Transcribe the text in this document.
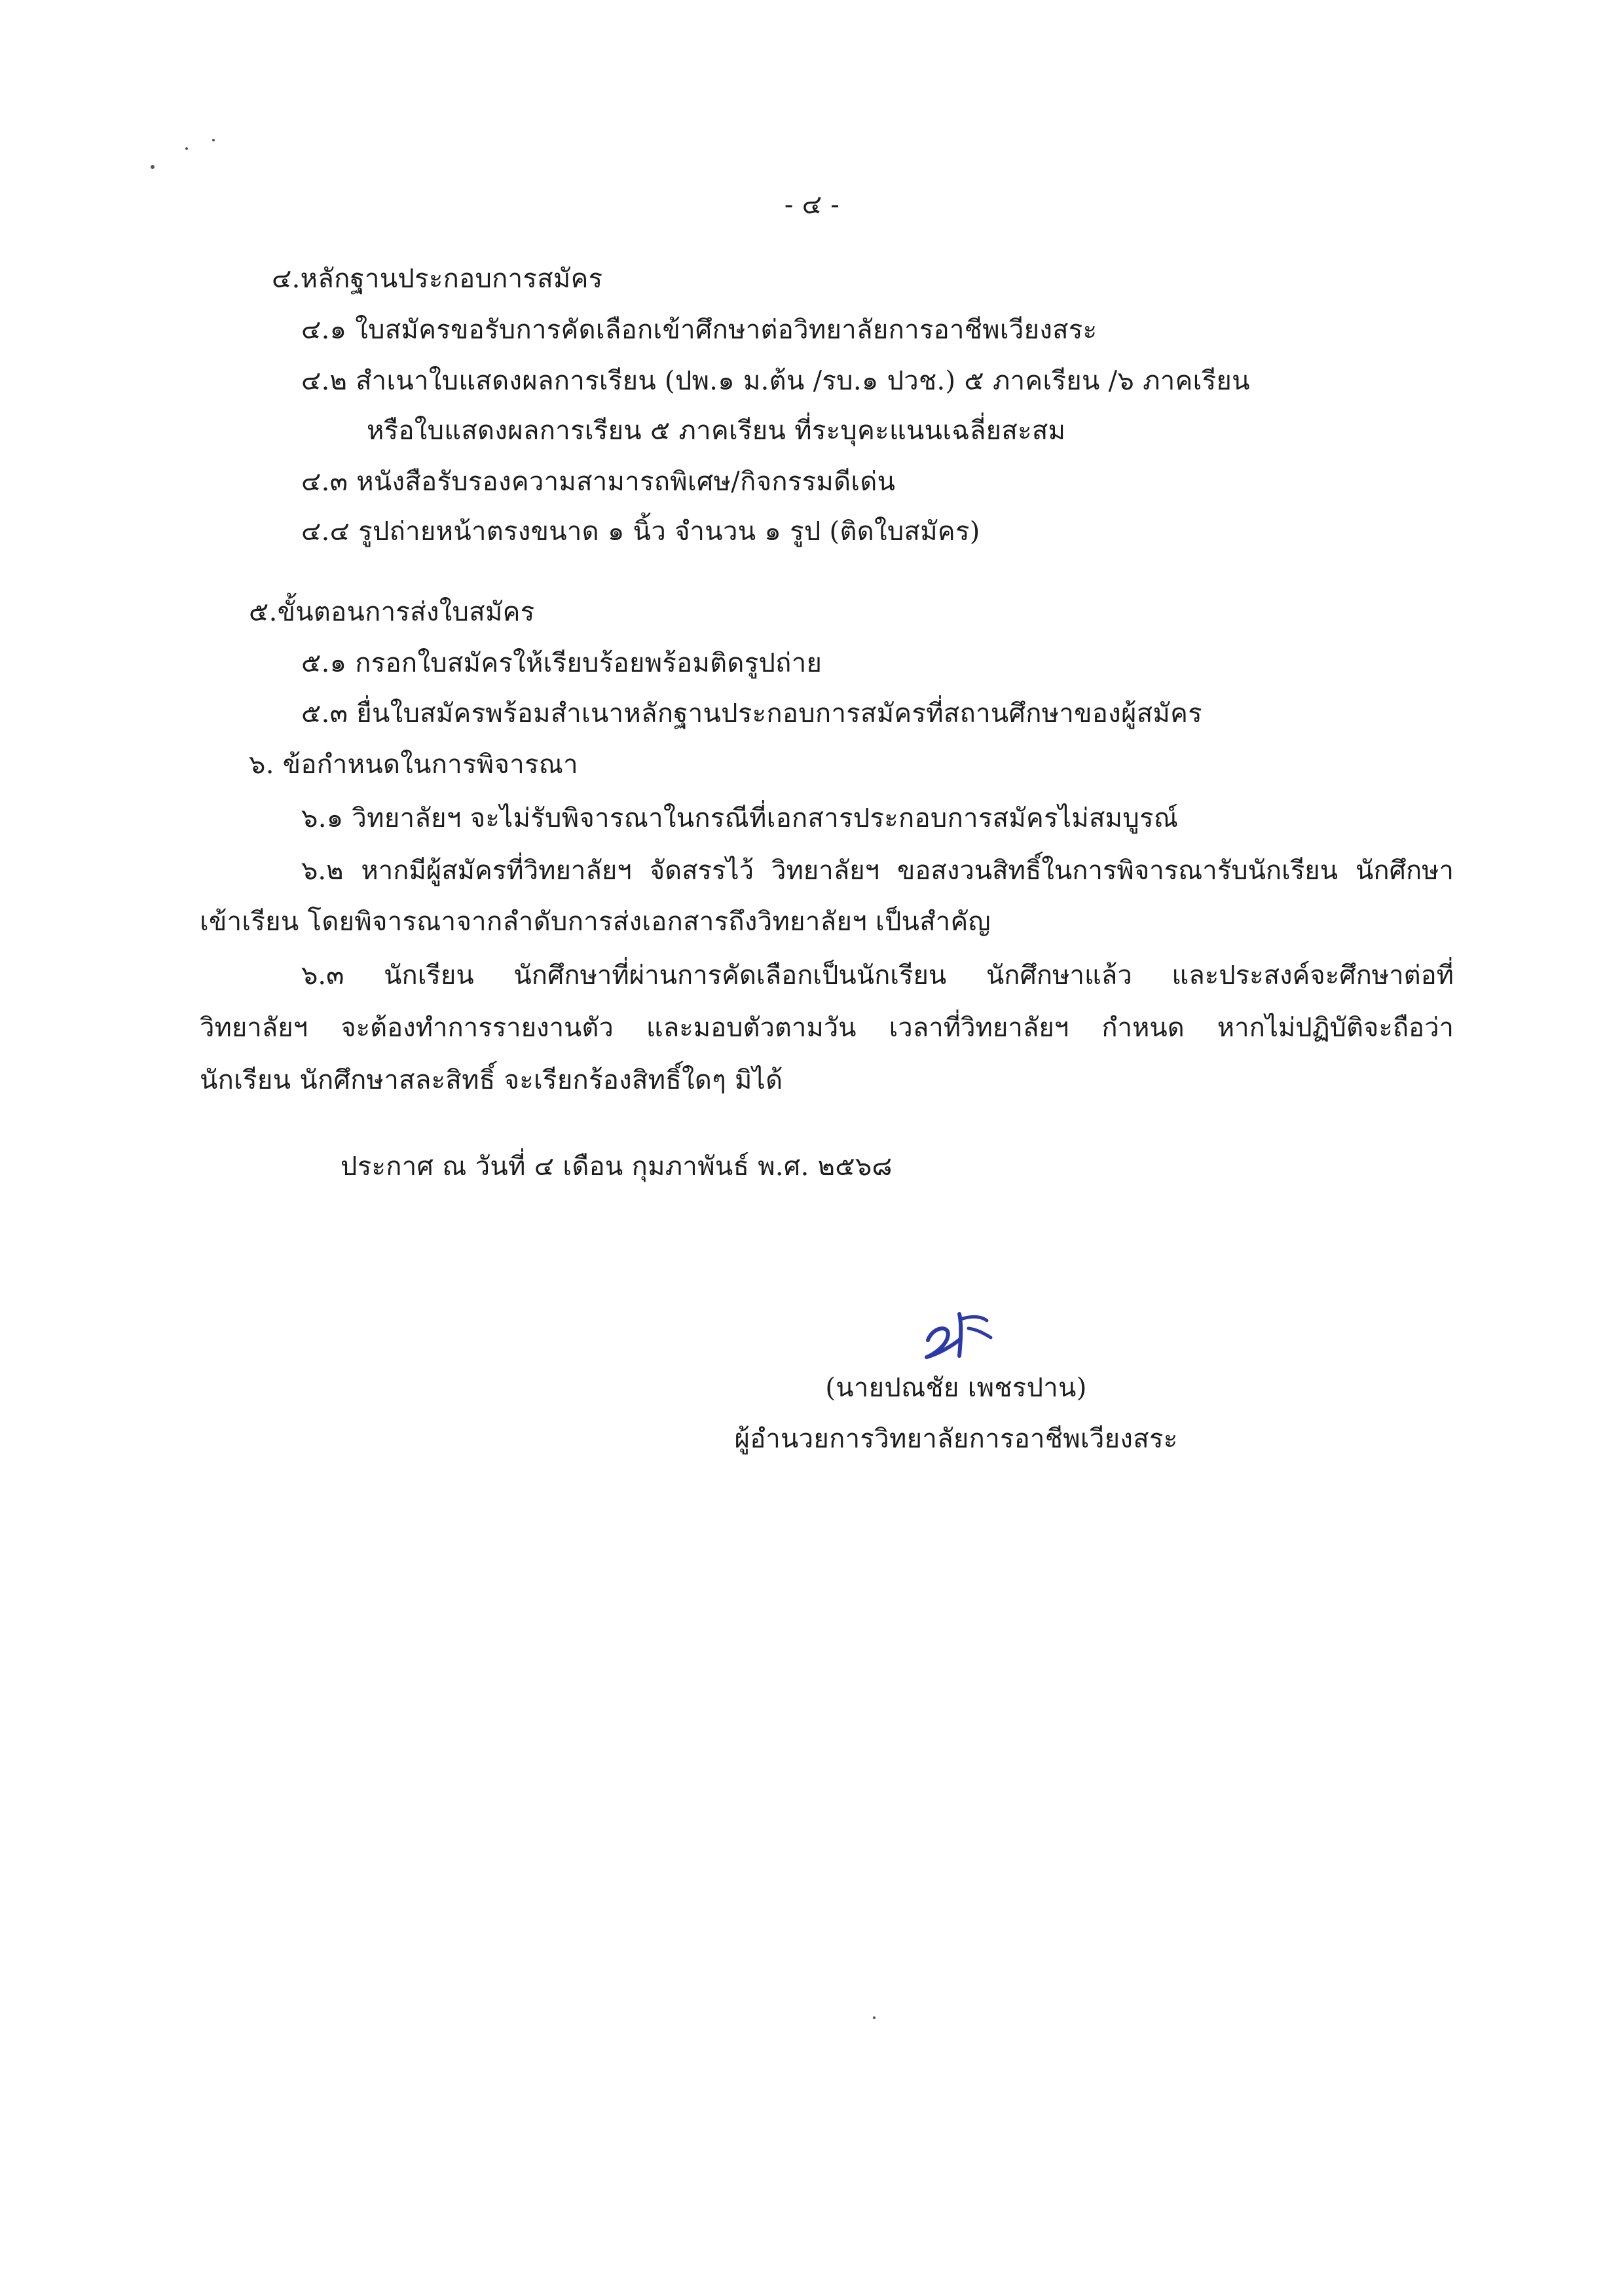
- ๔ -
๔.หลักฐานประกอบการสมัคร
๔.๑ ใบสมัครขอรับการคัดเลือกเข้าศึกษาต่อวิทยาลัยการอาชีพเวียงสระ
๔.๒ สำเนาใบแสดงผลการเรียน (ปพ.๑ ม.ต้น /รบ.๑ ปวช.) ๕ ภาคเรียน /๖ ภาคเรียน
หรือใบแสดงผลการเรียน ๕ ภาคเรียน ที่ระบุคะแนนเฉลี่ยสะสม
๔.๓ หนังสือรับรองความสามารถพิเศษ/กิจกรรมดีเด่น
๔.๔ รูปถ่ายหน้าตรงขนาด ๑ นิ้ว จำนวน ๑ รูป (ติดใบสมัคร)
๕.ขั้นตอนการส่งใบสมัคร
๕.๑ กรอกใบสมัครให้เรียบร้อยพร้อมติดรูปถ่าย
๕.๓ ยื่นใบสมัครพร้อมสำเนาหลักฐานประกอบการสมัครที่สถานศึกษาของผู้สมัคร
๖. ข้อกำหนดในการพิจารณา
๖.๑ วิทยาลัยฯ จะไม่รับพิจารณาในกรณีที่เอกสารประกอบการสมัครไม่สมบูรณ์
๖.๒ หากมีผู้สมัครที่วิทยาลัยฯ จัดสรรไว้ วิทยาลัยฯ ขอสงวนสิทธิ์ในการพิจารณารับนักเรียน นักศึกษา
เข้าเรียน โดยพิจารณาจากลำดับการส่งเอกสารถึงวิทยาลัยฯ เป็นสำคัญ
๖.๓ นักเรียน นักศึกษาที่ผ่านการคัดเลือกเป็นนักเรียน นักศึกษาแล้ว และประสงค์จะศึกษาต่อที่
วิทยาลัยฯ จะต้องทำการรายงานตัว และมอบตัวตามวัน เวลาที่วิทยาลัยฯ กำหนด หากไม่ปฏิบัติจะถือว่า
นักเรียน นักศึกษาสละสิทธิ์ จะเรียกร้องสิทธิ์ใดๆ มิได้
ประกาศ ณ วันที่ ๔ เดือน กุมภาพันธ์ พ.ศ. ๒๕๖๘
(นายปณชัย เพชรปาน)
ผู้อำนวยการวิทยาลัยการอาชีพเวียงสระ
